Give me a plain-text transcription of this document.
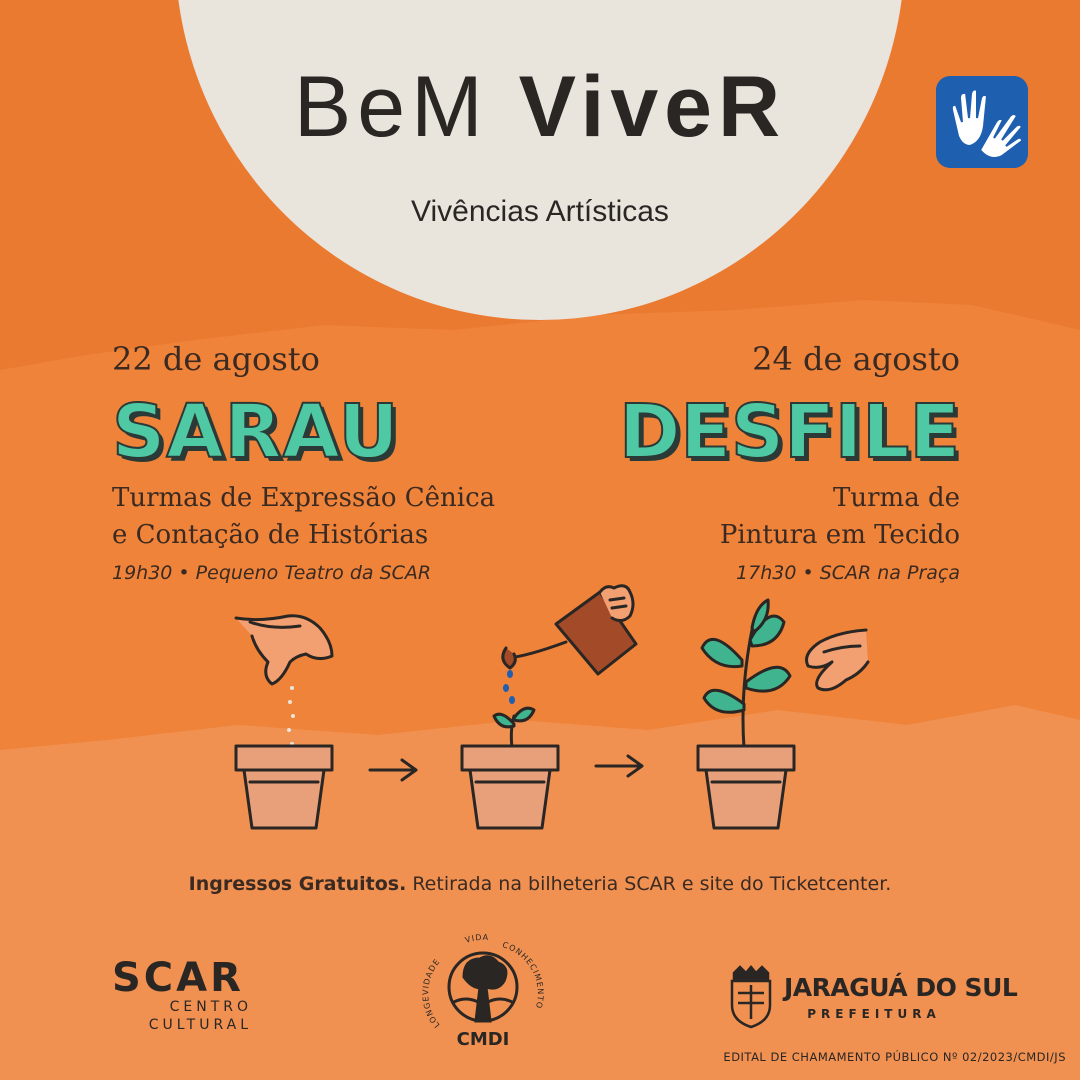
BeM ViveR
Vivências Artísticas
22 de agosto
SARAU
Turmas de Expressão Cênica
e Contação de Histórias
19h30 • Pequeno Teatro da SCAR
24 de agosto
DESFILE
Turma de
Pintura em Tecido
17h30 • SCAR na Praça
Ingressos Gratuitos. Retirada na bilheteria SCAR e site do Ticketcenter.
SCAR
CENTRO
CULTURAL	LONGEVIDADE
VIDA
CONHECIMENTO
CMDI
JARAGUÁ DO SUL
PREFEITURA
EDITAL DE CHAMAMENTO PÚBLICO Nº 02/2023/CMDI/JS
